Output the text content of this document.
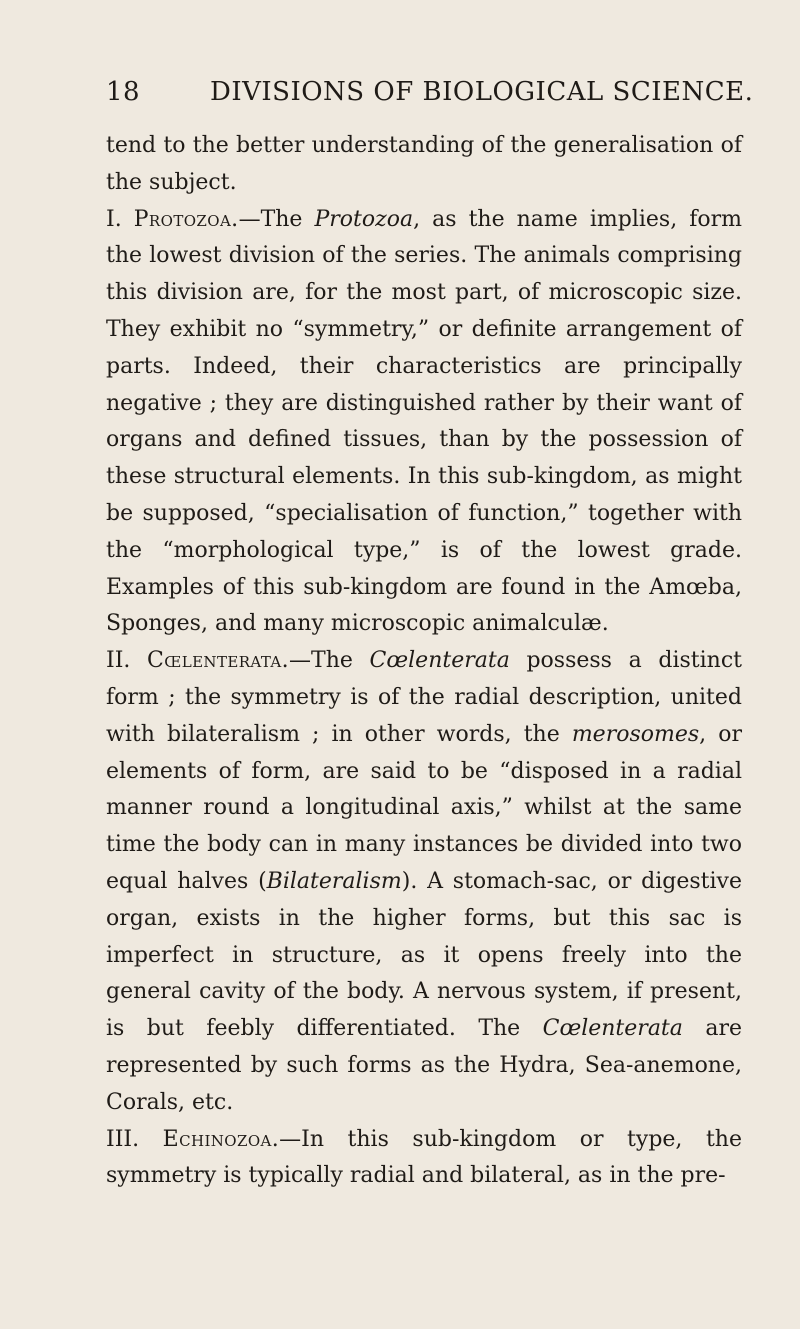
18	DIVISIONS OF BIOLOGICAL SCIENCE.

tend to the better understanding of the generalisation of the subject.

I. Protozoa.—The Protozoa, as the name implies, form the lowest division of the series. The animals comprising this division are, for the most part, of microscopic size. They exhibit no “symmetry,” or definite arrangement of parts. Indeed, their characteristics are principally negative ; they are distinguished rather by their want of organs and defined tissues, than by the possession of these structural elements. In this sub-kingdom, as might be supposed, “specialisation of function,” together with the “morphological type,” is of the lowest grade. Examples of this sub-kingdom are found in the Amœba, Sponges, and many microscopic animalculæ.

II. Cœlenterata.—The Cœlenterata possess a distinct form ; the symmetry is of the radial description, united with bilateralism ; in other words, the merosomes, or elements of form, are said to be “disposed in a radial manner round a longitudinal axis,” whilst at the same time the body can in many instances be divided into two equal halves (Bilateralism). A stomach-sac, or digestive organ, exists in the higher forms, but this sac is imperfect in structure, as it opens freely into the general cavity of the body. A nervous system, if present, is but feebly differentiated. The Cœlenterata are represented by such forms as the Hydra, Sea-anemone, Corals, etc.

III. Echinozoa.—In this sub-kingdom or type, the symmetry is typically radial and bilateral, as in the pre-
